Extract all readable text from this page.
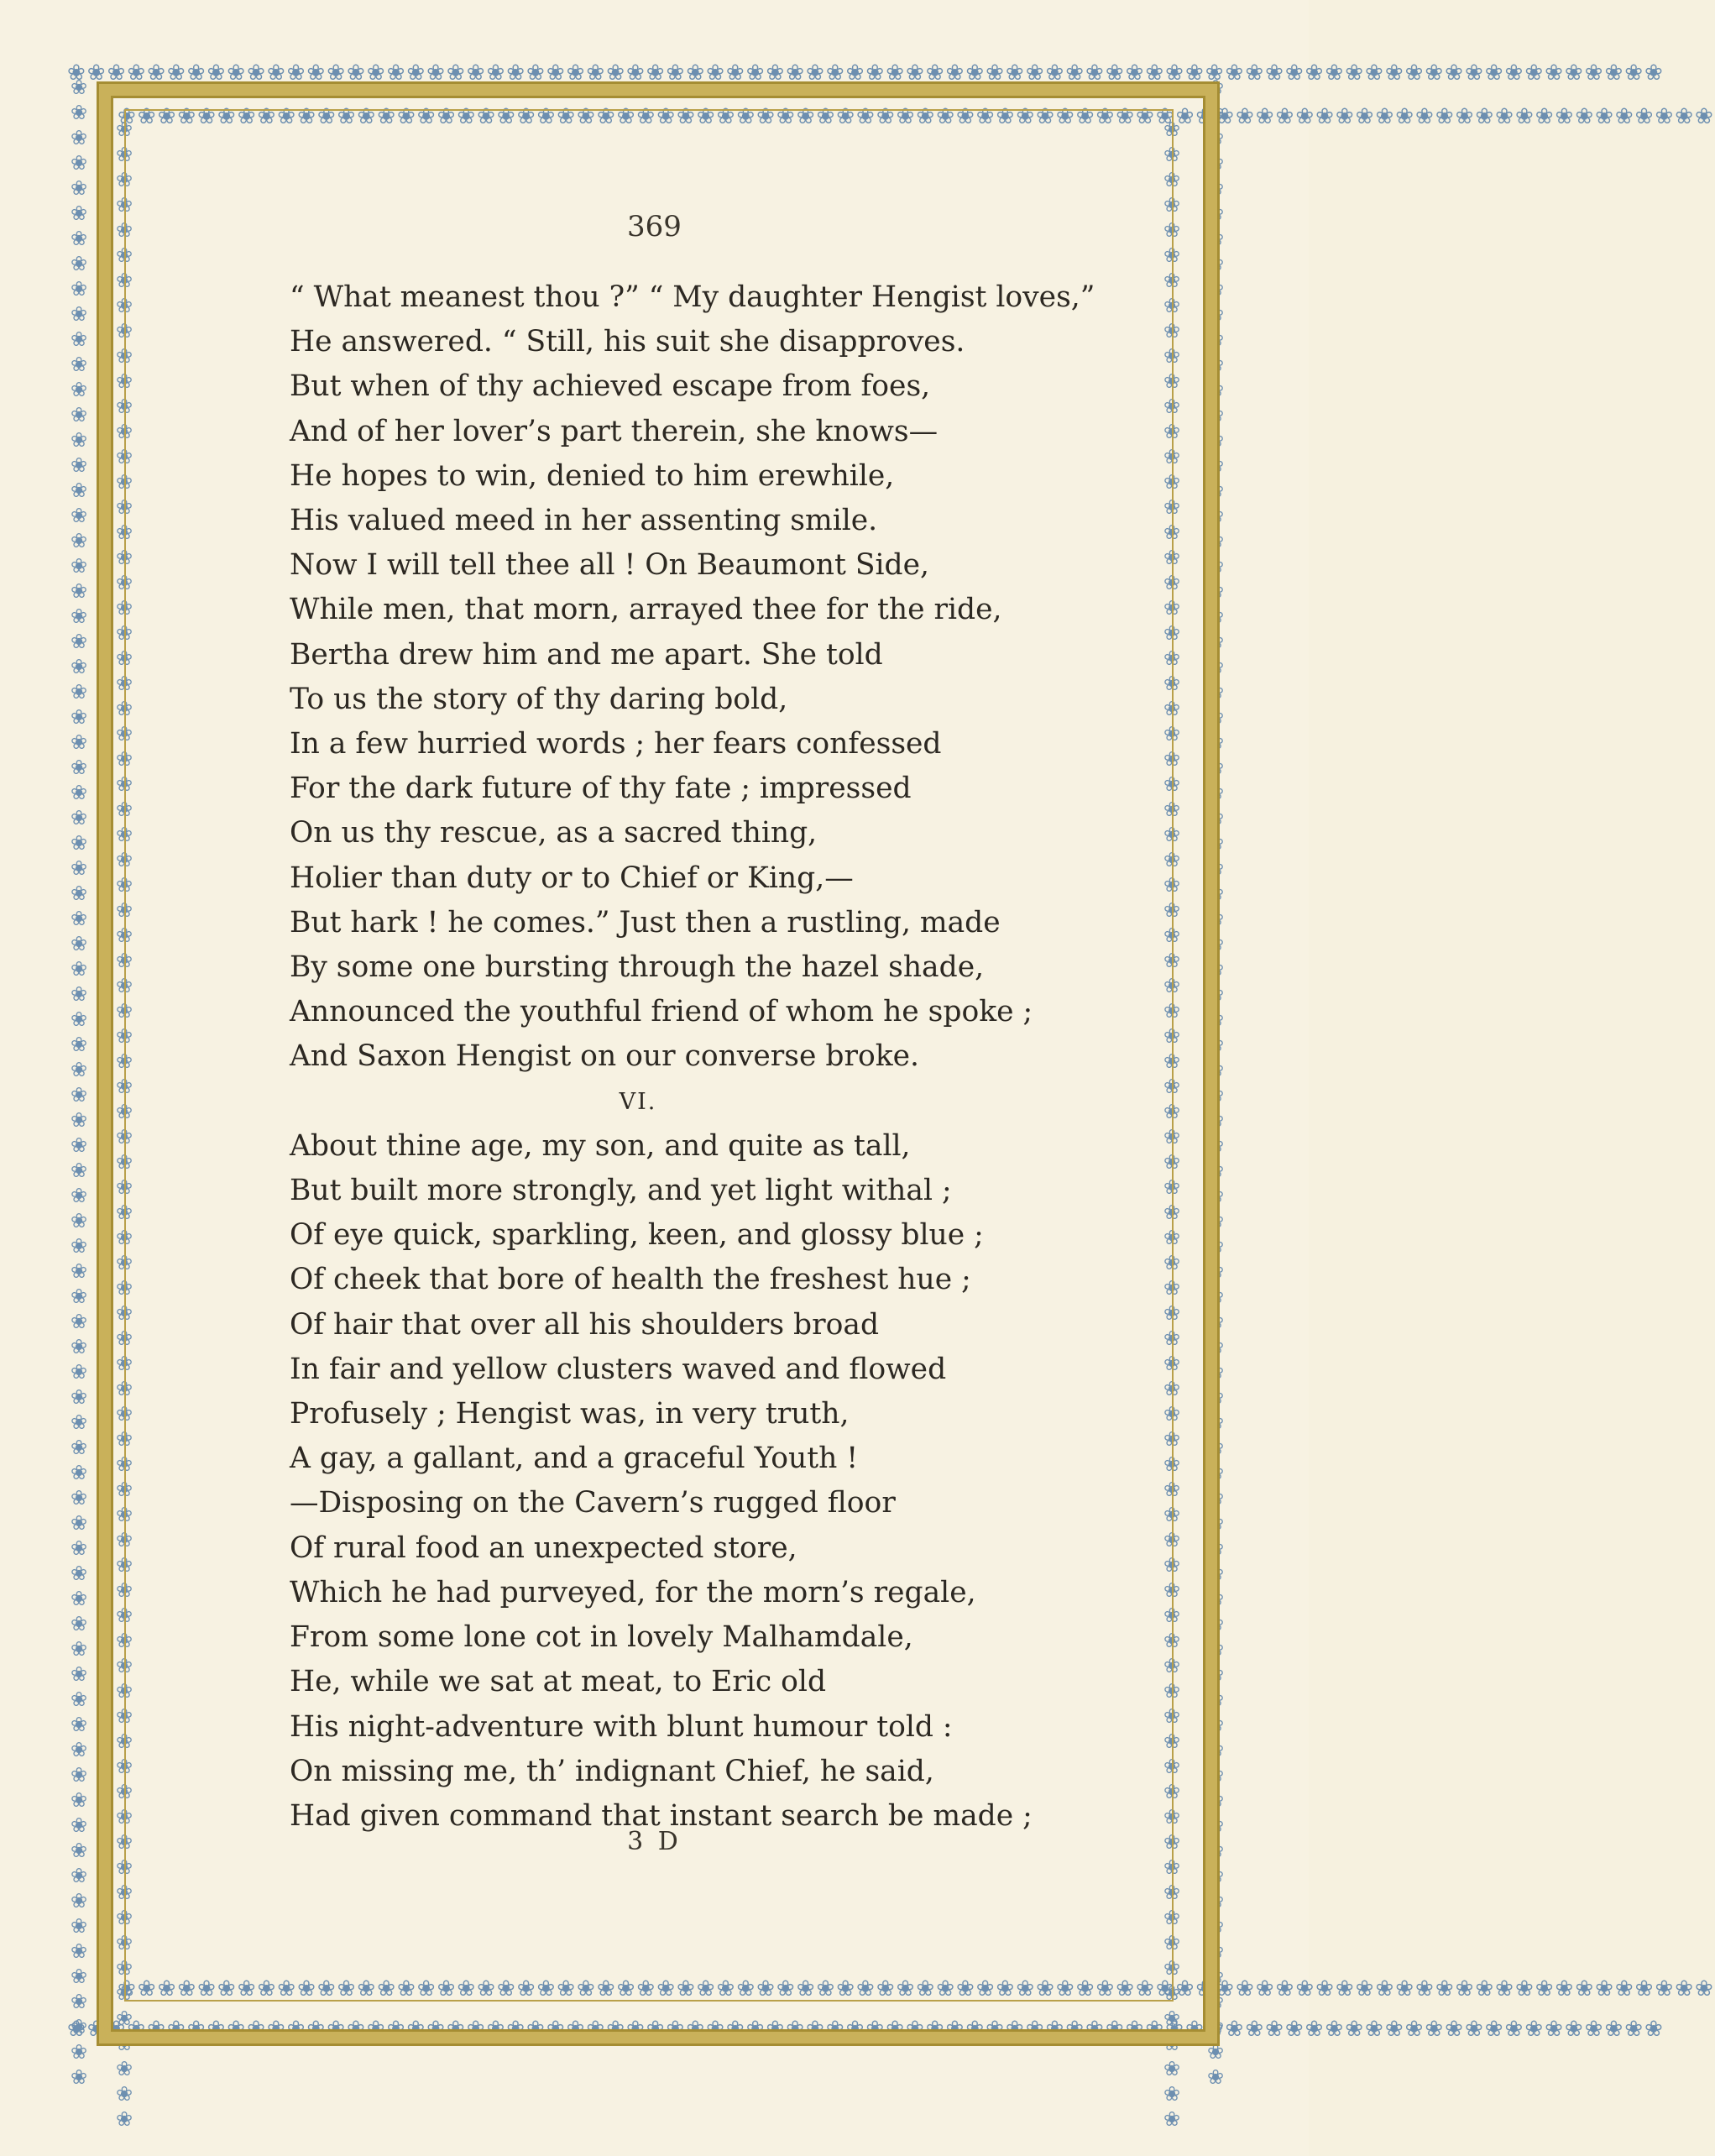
❀❀❀❀❀❀❀❀❀❀❀❀❀❀❀❀❀❀❀❀❀❀❀❀❀❀❀❀❀❀❀❀❀❀❀❀❀❀❀❀❀❀❀❀❀❀❀❀❀❀❀❀❀❀❀❀❀❀❀❀❀❀❀❀❀❀❀❀❀❀❀❀❀❀❀❀❀❀❀❀
❀❀❀❀❀❀❀❀❀❀❀❀❀❀❀❀❀❀❀❀❀❀❀❀❀❀❀❀❀❀❀❀❀❀❀❀❀❀❀❀❀❀❀❀❀❀❀❀❀❀❀❀❀❀❀❀❀❀❀❀❀❀❀❀❀❀❀❀❀❀❀❀❀❀❀❀❀❀❀❀
❀❀❀❀❀❀❀❀❀❀❀❀❀❀❀❀❀❀❀❀❀❀❀❀❀❀❀❀❀❀❀❀❀❀❀❀❀❀❀❀❀❀❀❀❀❀❀❀❀❀❀❀❀❀❀❀❀❀❀❀❀❀❀❀❀❀❀❀❀❀❀❀❀❀❀❀❀❀❀❀
❀❀❀❀❀❀❀❀❀❀❀❀❀❀❀❀❀❀❀❀❀❀❀❀❀❀❀❀❀❀❀❀❀❀❀❀❀❀❀❀❀❀❀❀❀❀❀❀❀❀❀❀❀❀❀❀❀❀❀❀❀❀❀❀❀❀❀❀❀❀❀❀❀❀❀❀❀❀❀❀
❀❀❀❀❀❀❀❀❀❀❀❀❀❀❀❀❀❀❀❀❀❀❀❀❀❀❀❀❀❀❀❀❀❀❀❀❀❀❀❀❀❀❀❀❀❀❀❀❀❀❀❀❀❀❀❀❀❀❀❀❀❀❀❀❀❀❀❀❀❀❀❀❀❀❀❀❀❀❀❀ ❀❀❀❀❀❀❀❀❀❀❀❀❀❀❀❀❀❀❀❀❀❀❀❀❀❀❀❀❀❀❀❀❀❀❀❀❀❀❀❀❀❀❀❀❀❀❀❀❀❀❀❀❀❀❀❀❀❀❀❀❀❀❀❀❀❀❀❀❀❀❀❀❀❀❀❀❀❀❀❀	❀❀❀❀❀❀❀❀❀❀❀❀❀❀❀❀❀❀❀❀❀❀❀❀❀❀❀❀❀❀❀❀❀❀❀❀❀❀❀❀❀❀❀❀❀❀❀❀❀❀❀❀❀❀❀❀❀❀❀❀❀❀❀❀❀❀❀❀❀❀❀❀❀❀❀❀❀❀❀❀
❀❀❀❀❀❀❀❀❀❀❀❀❀❀❀❀❀❀❀❀❀❀❀❀❀❀❀❀❀❀❀❀❀❀❀❀❀❀❀❀❀❀❀❀❀❀❀❀❀❀❀❀❀❀❀❀❀❀❀❀❀❀❀❀❀❀❀❀❀❀❀❀❀❀❀❀❀❀❀❀
369
“ What meanest thou ?” “ My daughter Hengist loves,”
He answered. “ Still, his suit she disapproves.
But when of thy achieved escape from foes,
And of her lover’s part therein, she knows—
He hopes to win, denied to him erewhile,
His valued meed in her assenting smile.
Now I will tell thee all ! On Beaumont Side,
While men, that morn, arrayed thee for the ride,
Bertha drew him and me apart. She told
To us the story of thy daring bold,
In a few hurried words ; her fears confessed
For the dark future of thy fate ; impressed
On us thy rescue, as a sacred thing,
Holier than duty or to Chief or King,—
But hark ! he comes.” Just then a rustling, made
By some one bursting through the hazel shade,
Announced the youthful friend of whom he spoke ;
And Saxon Hengist on our converse broke.
VI.
About thine age, my son, and quite as tall,
But built more strongly, and yet light withal ;
Of eye quick, sparkling, keen, and glossy blue ;
Of cheek that bore of health the freshest hue ;
Of hair that over all his shoulders broad
In fair and yellow clusters waved and flowed
Profusely ; Hengist was, in very truth,
A gay, a gallant, and a graceful Youth !
—Disposing on the Cavern’s rugged floor
Of rural food an unexpected store,
Which he had purveyed, for the morn’s regale,
From some lone cot in lovely Malhamdale,
He, while we sat at meat, to Eric old
His night-adventure with blunt humour told :
On missing me, th’ indignant Chief, he said,
Had given command that instant search be made ;
3 D
